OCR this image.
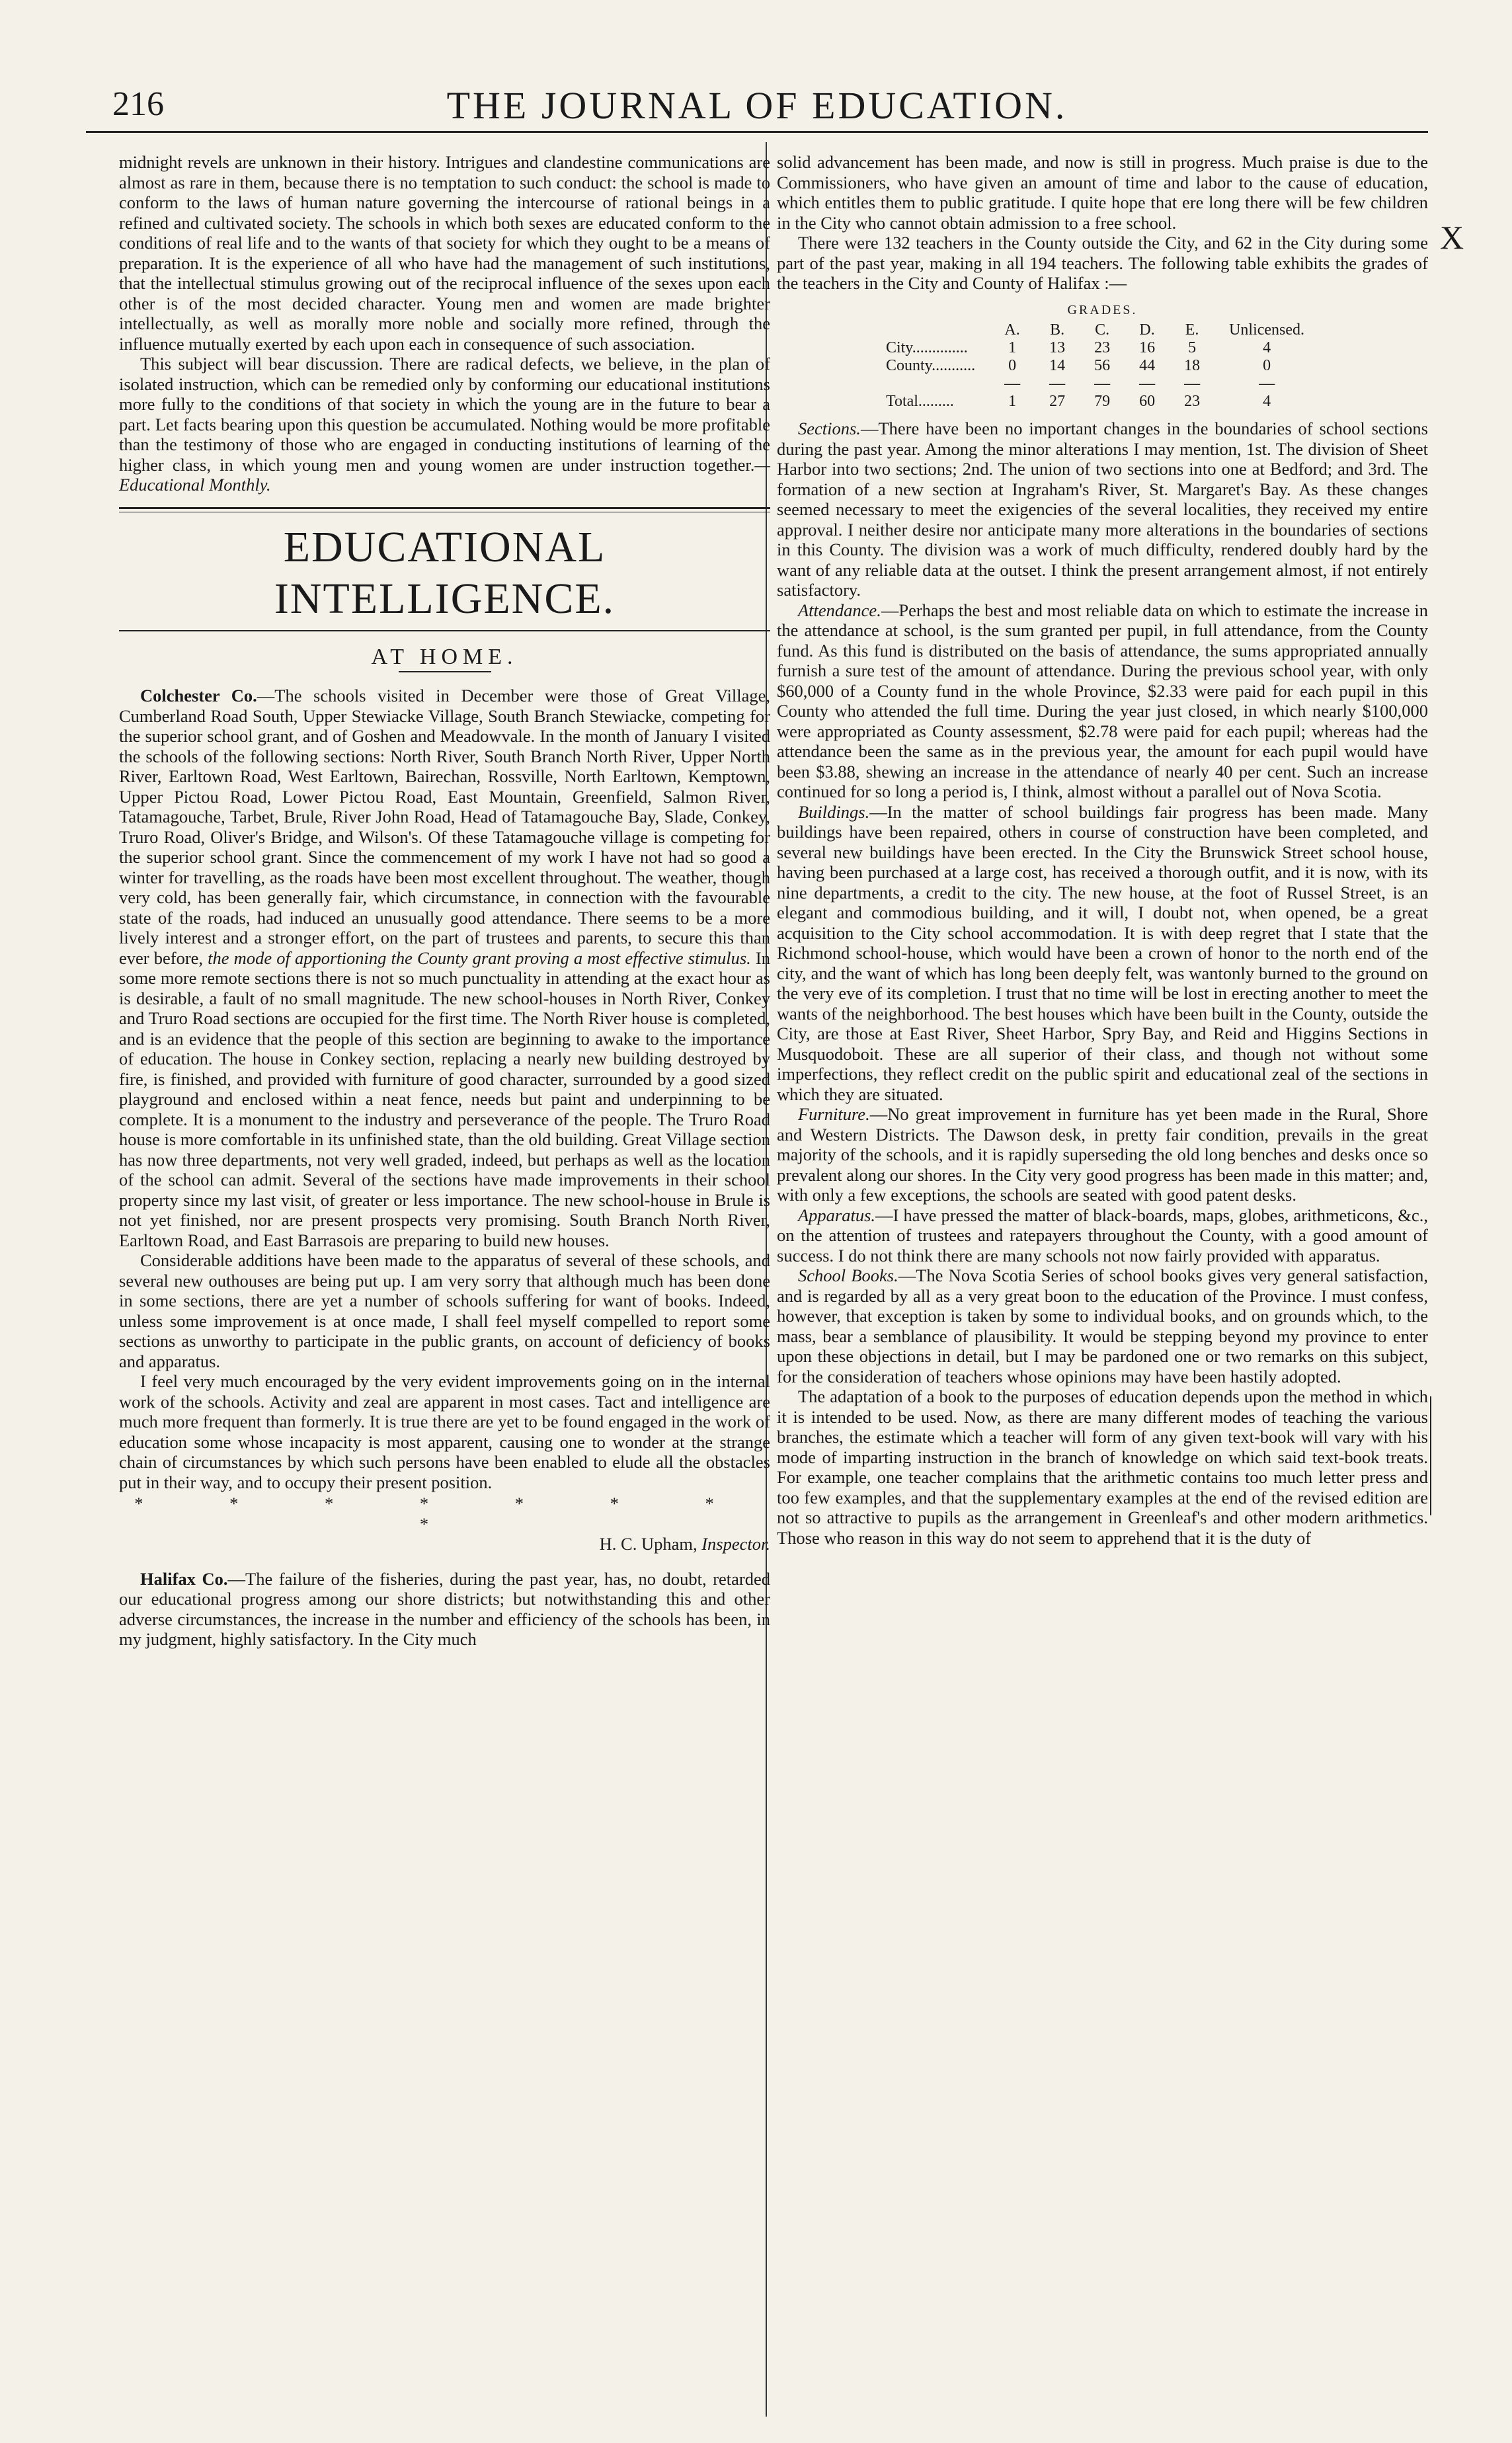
216	THE JOURNAL OF EDUCATION.

midnight revels are unknown in their history. Intrigues and clandestine communications are almost as rare in them, because there is no temptation to such conduct: the school is made to conform to the laws of human nature governing the intercourse of rational beings in a refined and cultivated society. The schools in which both sexes are educated conform to the conditions of real life and to the wants of that society for which they ought to be a means of preparation. It is the experience of all who have had the management of such institutions, that the intellectual stimulus growing out of the reciprocal influence of the sexes upon each other is of the most decided character. Young men and women are made brighter intellectually, as well as morally more noble and socially more refined, through the influence mutually exerted by each upon each in consequence of such association.

This subject will bear discussion. There are radical defects, we believe, in the plan of isolated instruction, which can be remedied only by conforming our educational institutions more fully to the conditions of that society in which the young are in the future to bear a part. Let facts bearing upon this question be accumulated. Nothing would be more profitable than the testimony of those who are engaged in conducting institutions of learning of the higher class, in which young men and young women are under instruction together.—Educational Monthly.

EDUCATIONAL INTELLIGENCE.
AT HOME.

Colchester Co.—The schools visited in December were those of Great Village, Cumberland Road South, Upper Stewiacke Village, South Branch Stewiacke, competing for the superior school grant, and of Goshen and Meadowvale. In the month of January I visited the schools of the following sections: North River, South Branch North River, Upper North River, Earltown Road, West Earltown, Bairechan, Rossville, North Earltown, Kemptown, Upper Pictou Road, Lower Pictou Road, East Mountain, Greenfield, Salmon River, Tatamagouche, Tarbet, Brule, River John Road, Head of Tatamagouche Bay, Slade, Conkey, Truro Road, Oliver's Bridge, and Wilson's. Of these Tatamagouche village is competing for the superior school grant. Since the commencement of my work I have not had so good a winter for travelling, as the roads have been most excellent throughout. The weather, though very cold, has been generally fair, which circumstance, in connection with the favourable state of the roads, had induced an unusually good attendance. There seems to be a more lively interest and a stronger effort, on the part of trustees and parents, to secure this than ever before, the mode of apportioning the County grant proving a most effective stimulus. In some more remote sections there is not so much punctuality in attending at the exact hour as is desirable, a fault of no small magnitude. The new school-houses in North River, Conkey and Truro Road sections are occupied for the first time. The North River house is completed, and is an evidence that the people of this section are beginning to awake to the importance of education. The house in Conkey section, replacing a nearly new building destroyed by fire, is finished, and provided with furniture of good character, surrounded by a good sized playground and enclosed within a neat fence, needs but paint and underpinning to be complete. It is a monument to the industry and perseverance of the people. The Truro Road house is more comfortable in its unfinished state, than the old building. Great Village section has now three departments, not very well graded, indeed, but perhaps as well as the location of the school can admit. Several of the sections have made improvements in their school property since my last visit, of greater or less importance. The new school-house in Brule is not yet finished, nor are present prospects very promising. South Branch North River, Earltown Road, and East Barrasois are preparing to build new houses.

Considerable additions have been made to the apparatus of several of these schools, and several new outhouses are being put up. I am very sorry that although much has been done in some sections, there are yet a number of schools suffering for want of books. Indeed, unless some improvement is at once made, I shall feel myself compelled to report some sections as unworthy to participate in the public grants, on account of deficiency of books and apparatus.

I feel very much encouraged by the very evident improvements going on in the internal work of the schools. Activity and zeal are apparent in most cases. Tact and intelligence are much more frequent than formerly. It is true there are yet to be found engaged in the work of education some whose incapacity is most apparent, causing one to wonder at the strange chain of circumstances by which such persons have been enabled to elude all the obstacles put in their way, and to occupy their present position.

* * * * * * * *
H. C. Upham, Inspector.

Halifax Co.—The failure of the fisheries, during the past year, has, no doubt, retarded our educational progress among our shore districts; but notwithstanding this and other adverse circumstances, the increase in the number and efficiency of the schools has been, in my judgment, highly satisfactory. In the City much

solid advancement has been made, and now is still in progress. Much praise is due to the Commissioners, who have given an amount of time and labor to the cause of education, which entitles them to public gratitude. I quite hope that ere long there will be few children in the City who cannot obtain admission to a free school.

There were 132 teachers in the County outside the City, and 62 in the City during some part of the past year, making in all 194 teachers. The following table exhibits the grades of the teachers in the City and County of Halifax :—

GRADES.
	A.	B.	C.	D.	E.	Unlicensed.
City..............	1	13	23	16	5	4
County...........	0	14	56	44	18	0
	—	—	—	—	—	—
Total.........	1	27	79	60	23	4

Sections.—There have been no important changes in the boundaries of school sections during the past year. Among the minor alterations I may mention, 1st. The division of Sheet Harbor into two sections; 2nd. The union of two sections into one at Bedford; and 3rd. The formation of a new section at Ingraham's River, St. Margaret's Bay. As these changes seemed necessary to meet the exigencies of the several localities, they received my entire approval. I neither desire nor anticipate many more alterations in the boundaries of sections in this County. The division was a work of much difficulty, rendered doubly hard by the want of any reliable data at the outset. I think the present arrangement almost, if not entirely satisfactory.

Attendance.—Perhaps the best and most reliable data on which to estimate the increase in the attendance at school, is the sum granted per pupil, in full attendance, from the County fund. As this fund is distributed on the basis of attendance, the sums appropriated annually furnish a sure test of the amount of attendance. During the previous school year, with only $60,000 of a County fund in the whole Province, $2.33 were paid for each pupil in this County who attended the full time. During the year just closed, in which nearly $100,000 were appropriated as County assessment, $2.78 were paid for each pupil; whereas had the attendance been the same as in the previous year, the amount for each pupil would have been $3.88, shewing an increase in the attendance of nearly 40 per cent. Such an increase continued for so long a period is, I think, almost without a parallel out of Nova Scotia.

Buildings.—In the matter of school buildings fair progress has been made. Many buildings have been repaired, others in course of construction have been completed, and several new buildings have been erected. In the City the Brunswick Street school house, having been purchased at a large cost, has received a thorough outfit, and it is now, with its nine departments, a credit to the city. The new house, at the foot of Russel Street, is an elegant and commodious building, and it will, I doubt not, when opened, be a great acquisition to the City school accommodation. It is with deep regret that I state that the Richmond school-house, which would have been a crown of honor to the north end of the city, and the want of which has long been deeply felt, was wantonly burned to the ground on the very eve of its completion. I trust that no time will be lost in erecting another to meet the wants of the neighborhood. The best houses which have been built in the County, outside the City, are those at East River, Sheet Harbor, Spry Bay, and Reid and Higgins Sections in Musquodoboit. These are all superior of their class, and though not without some imperfections, they reflect credit on the public spirit and educational zeal of the sections in which they are situated.

Furniture.—No great improvement in furniture has yet been made in the Rural, Shore and Western Districts. The Dawson desk, in pretty fair condition, prevails in the great majority of the schools, and it is rapidly superseding the old long benches and desks once so prevalent along our shores. In the City very good progress has been made in this matter; and, with only a few exceptions, the schools are seated with good patent desks.

Apparatus.—I have pressed the matter of black-boards, maps, globes, arithmeticons, &c., on the attention of trustees and ratepayers throughout the County, with a good amount of success. I do not think there are many schools not now fairly provided with apparatus.

School Books.—The Nova Scotia Series of school books gives very general satisfaction, and is regarded by all as a very great boon to the education of the Province. I must confess, however, that exception is taken by some to individual books, and on grounds which, to the mass, bear a semblance of plausibility. It would be stepping beyond my province to enter upon these objections in detail, but I may be pardoned one or two remarks on this subject, for the consideration of teachers whose opinions may have been hastily adopted.

The adaptation of a book to the purposes of education depends upon the method in which it is intended to be used. Now, as there are many different modes of teaching the various branches, the estimate which a teacher will form of any given text-book will vary with his mode of imparting instruction in the branch of knowledge on which said text-book treats. For example, one teacher complains that the arithmetic contains too much letter press and too few examples, and that the supplementary examples at the end of the revised edition are not so attractive to pupils as the arrangement in Greenleaf's and other modern arithmetics. Those who reason in this way do not seem to apprehend that it is the duty of

X
